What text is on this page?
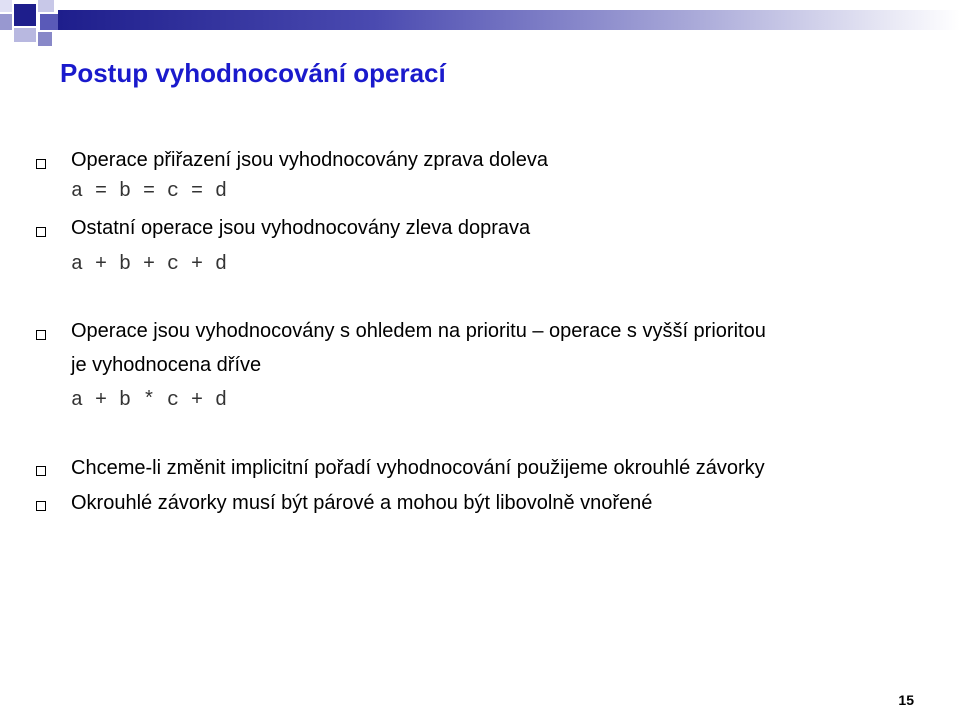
Postup vyhodnocování operací
Operace přiřazení jsou vyhodnocovány zprava doleva
a = b = c = d
Ostatní operace jsou vyhodnocovány zleva doprava
a + b + c + d
Operace jsou vyhodnocovány s ohledem na prioritu – operace s vyšší prioritou
je vyhodnocena dříve
a + b * c + d
Chceme-li změnit implicitní pořadí vyhodnocování použijeme okrouhlé závorky
Okrouhlé závorky musí být párové a mohou být libovolně vnořené
15
